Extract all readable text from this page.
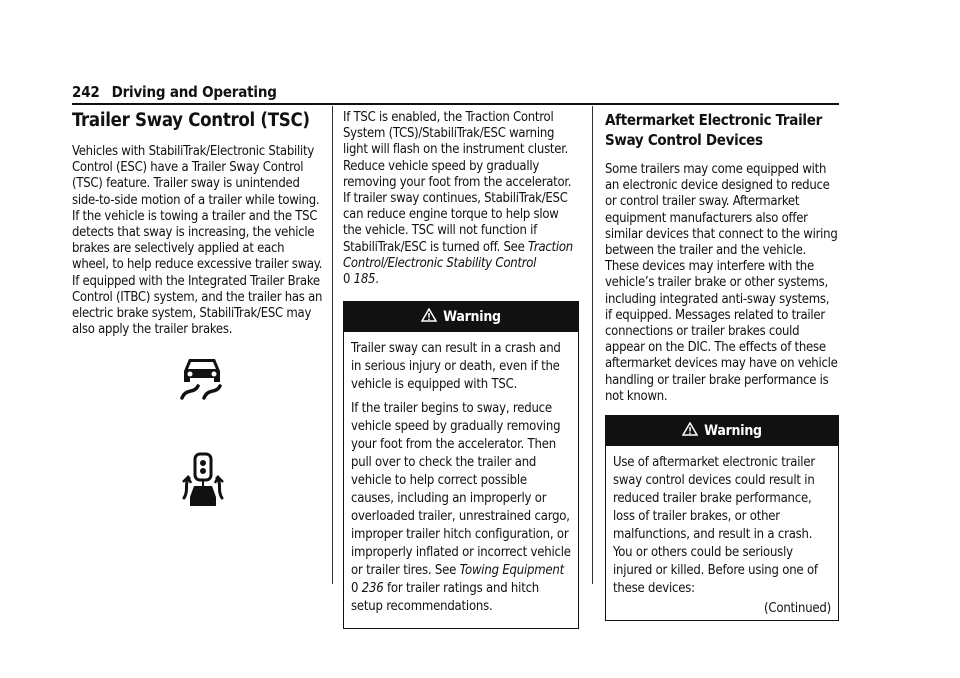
242 Driving and Operating
Trailer Sway Control (TSC)

Vehicles with StabiliTrak/Electronic Stability Control (ESC) have a Trailer Sway Control (TSC) feature. Trailer sway is unintended side-to-side motion of a trailer while towing. If the vehicle is towing a trailer and the TSC detects that sway is increasing, the vehicle brakes are selectively applied at each wheel, to help reduce excessive trailer sway.

If equipped with the Integrated Trailer Brake Control (ITBC) system, and the trailer has an electric brake system, StabiliTrak/ESC may also apply the trailer brakes.

If TSC is enabled, the Traction Control System (TCS)/StabiliTrak/ESC warning light will flash on the instrument cluster. Reduce vehicle speed by gradually removing your foot from the accelerator. If trailer sway continues, StabiliTrak/ESC can reduce engine torque to help slow the vehicle. TSC will not function if StabiliTrak/ESC is turned off. See Traction Control/Electronic Stability Control
0 185.

Warning

Trailer sway can result in a crash and in serious injury or death, even if the vehicle is equipped with TSC.

If the trailer begins to sway, reduce vehicle speed by gradually removing your foot from the accelerator. Then pull over to check the trailer and vehicle to help correct possible causes, including an improperly or overloaded trailer, unrestrained cargo, improper trailer hitch configuration, or improperly inflated or incorrect vehicle or trailer tires. See Towing Equipment 0 236 for trailer ratings and hitch setup recommendations.

Aftermarket Electronic Trailer Sway Control Devices

Some trailers may come equipped with an electronic device designed to reduce or control trailer sway. Aftermarket equipment manufacturers also offer similar devices that connect to the wiring between the trailer and the vehicle. These devices may interfere with the vehicle’s trailer brake or other systems, including integrated anti-sway systems, if equipped. Messages related to trailer connections or trailer brakes could appear on the DIC. The effects of these aftermarket devices may have on vehicle handling or trailer brake performance is not known.

Warning

Use of aftermarket electronic trailer sway control devices could result in reduced trailer brake performance, loss of trailer brakes, or other malfunctions, and result in a crash. You or others could be seriously injured or killed. Before using one of these devices:

(Continued)
